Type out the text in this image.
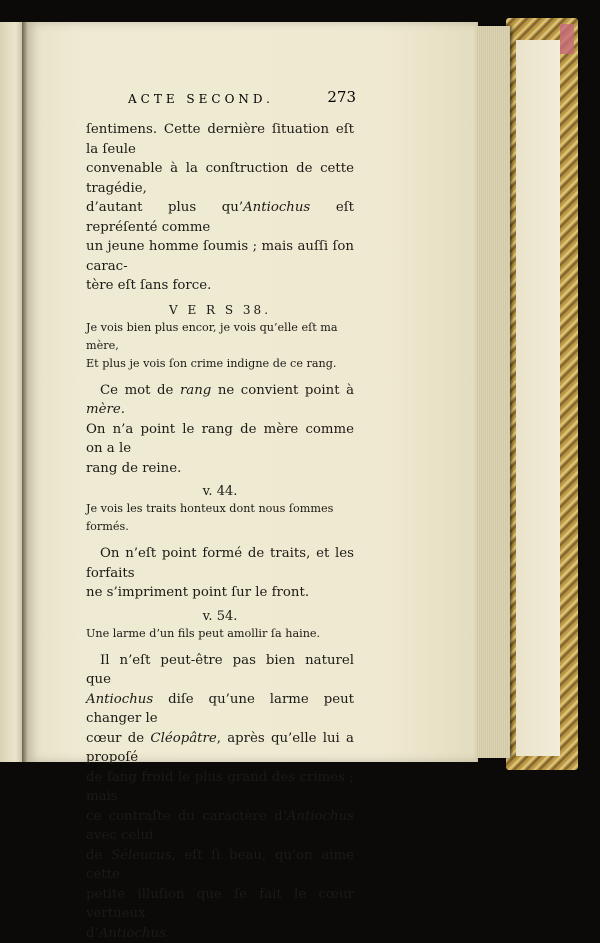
ACTE SECOND.	273

ſentimens. Cette dernière ſituation eſt la ſeule

convenable à la conſtruction de cette tragédie,

d’autant plus qu’Antiochus eſt repréſenté comme

un jeune homme ſoumis ; mais auſſi ſon carac-

tère eſt ſans force.

V E R S 38.
Je vois bien plus encor, je vois qu’elle eſt ma mère,
Et plus je vois ſon crime indigne de ce rang.

Ce mot de rang ne convient point à mère.

On n’a point le rang de mère comme on a le

rang de reine.

v. 44.
Je vois les traits honteux dont nous ſommes formés.

On n’eſt point formé de traits, et les forfaits

ne s’impriment point ſur le front.

v. 54.
Une larme d’un fils peut amollir ſa haine.

Il n’eſt peut-être pas bien naturel que

Antiochus diſe qu’une larme peut changer le

cœur de Cléopâtre, après qu’elle lui a propoſé

de ſang froid le plus grand des crimes ; mais

ce contraſte du caractère d’Antiochus avec celui

de Séleucus, eſt ſi beau, qu’on aime cette

petite illuſion que ſe fait le cœur vertueux

d’Antiochus.
